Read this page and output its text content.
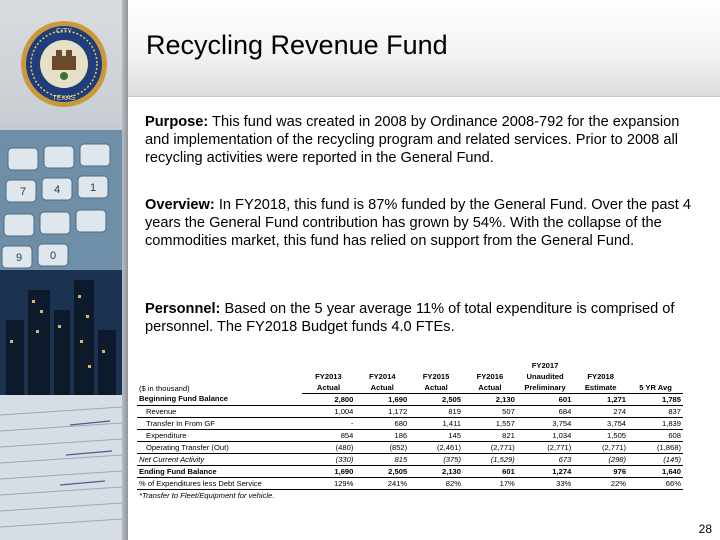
CITY
TEXAS
7	4	1
9	0
Recycling Revenue Fund

Purpose: This fund was created in 2008 by Ordinance 2008-792 for the expansion and implementation of the recycling program and related services. Prior to 2008 all recycling activities were reported in the General Fund.

Overview: In FY2018, this fund is 87% funded by the General Fund. Over the past 4 years the General Fund contribution has grown by 54%. With the collapse of the commodities market, this fund has relied on support from the General Fund.

Personnel: Based on the 5 year average 11% of total expenditure is comprised of personnel. The FY2018 Budget funds 4.0 FTEs.

					FY2017		
	FY2013	FY2014	FY2015	FY2016	Unaudited	FY2018	
($ in thousand)	Actual	Actual	Actual	Actual	Preliminary	Estimate	5 YR Avg
Beginning Fund Balance	2,800	1,690	2,505	2,130	601	1,271	1,785
Revenue	1,004	1,172	819	507	684	274	837
Transfer In From GF	-	680	1,411	1,557	3,754	3,754	1,839
Expenditure	854	186	145	821	1,034	1,505	608
Operating Transfer (Out)	(480)	(852)	(2,461)	(2,771)	(2,771)	(2,771)	(1,868)
Net Current Activity	(330)	815	(375)	(1,529)	673	(298)	(145)
Ending Fund Balance	1,690	2,505	2,130	601	1,274	976	1,640
% of Expenditures less Debt Service	129%	241%	82%	17%	33%	22%	66%
*Transfer to Fleet/Equipment for vehicle.							
28
